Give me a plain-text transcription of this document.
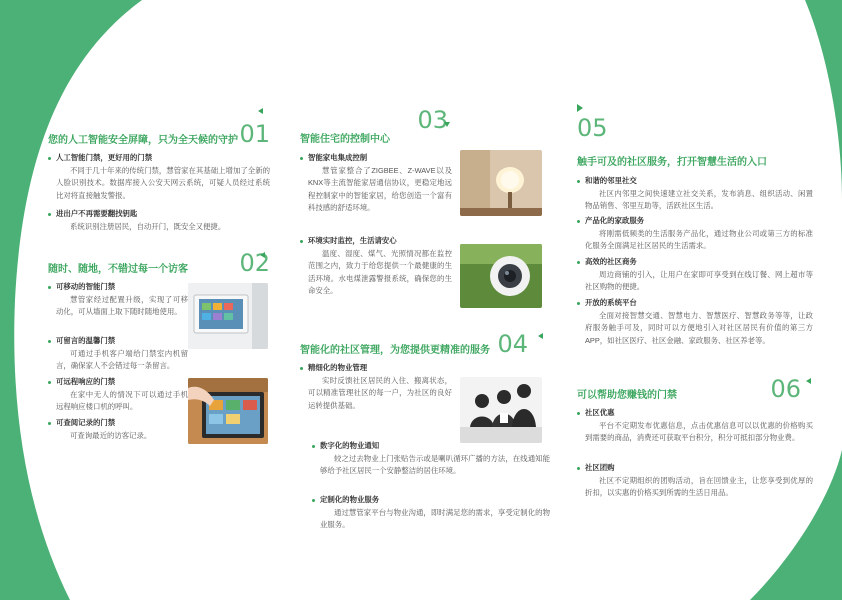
您的人工智能安全屏障，只为全天候的守护 01
人工智能门禁，更好用的门禁
不同于几十年来的传统门禁，慧管家在其基础上增加了全新的人脸识别技术。数据库接入公安天网云系统，可疑人员经过系统比对将直接触发警报。
进出户不再需要翻找钥匙
系统识别注册居民，自动开门，既安全又便捷。
随时、随地，不错过每一个访客 02
可移动的智能门禁
慧管家经过配置升级，实现了可移动化，可从墙面上取下随时随地使用。
可留言的温馨门禁
可通过手机客户端给门禁室内机留言，确保家人不会错过每一条留言。
可远程响应的门禁
在家中无人的情况下可以通过手机远程响应楼口机的呼叫。
可查阅记录的门禁
可查询最近的访客记录。
03
智能住宅的控制中心
智能家电集成控制
慧管家整合了ZIGBEE、Z-WAVE以及KNX等主流智能家居通信协议，更稳定地远程控制家中的智能家居，给您创造一个富有科技感的舒适环境。
环境实时监控，生活请安心
温度、湿度、煤气、光照情况都在监控范围之内，致力于给您提供一个最健康的生活环境。水电煤泄露警报系统，确保您的生命安全。
智能化的社区管理，为您提供更精准的服务 04
精细化的物业管理
实时反馈社区居民的入住、搬离状态，可以精准管理社区的每一户，为社区的良好运转提供基础。
数字化的物业通知
较之过去物业上门张贴告示或是喇叭循环广播的方法，在线通知能够给予社区居民一个安静整洁的居住环境。
定制化的物业服务
通过慧管家平台与物业沟通，即时满足您的需求，享受定制化的物业服务。
05
触手可及的社区服务，打开智慧生活的入口
和谐的邻里社交
社区内邻里之间快速建立社交关系，发布消息、组织活动、闲置物品销售、邻里互助等，活跃社区生活。
产品化的家政服务
将刚需低频类的生活服务产品化，通过物业公司或第三方的标准化服务全面满足社区居民的生活需求。
高效的社区商务
周边商铺的引入，让用户在家即可享受到在线订餐、网上超市等社区购物的便捷。
开放的系统平台
全面对接智慧交通、智慧电力、智慧医疗、智慧政务等等，让政府服务触手可及，同时可以方便地引入对社区居民有价值的第三方APP，如社区医疗、社区金融、家政服务、社区养老等。
可以帮助您赚钱的门禁	06
社区优惠
平台不定期发布优惠信息，点击优惠信息可以以优惠的价格购买到需要的商品，消费还可获取平台积分，积分可抵扣部分物业费。
社区团购
社区不定期组织的团购活动，旨在回馈业主，让您享受到优厚的折扣，以实惠的价格买到所需的生活日用品。
